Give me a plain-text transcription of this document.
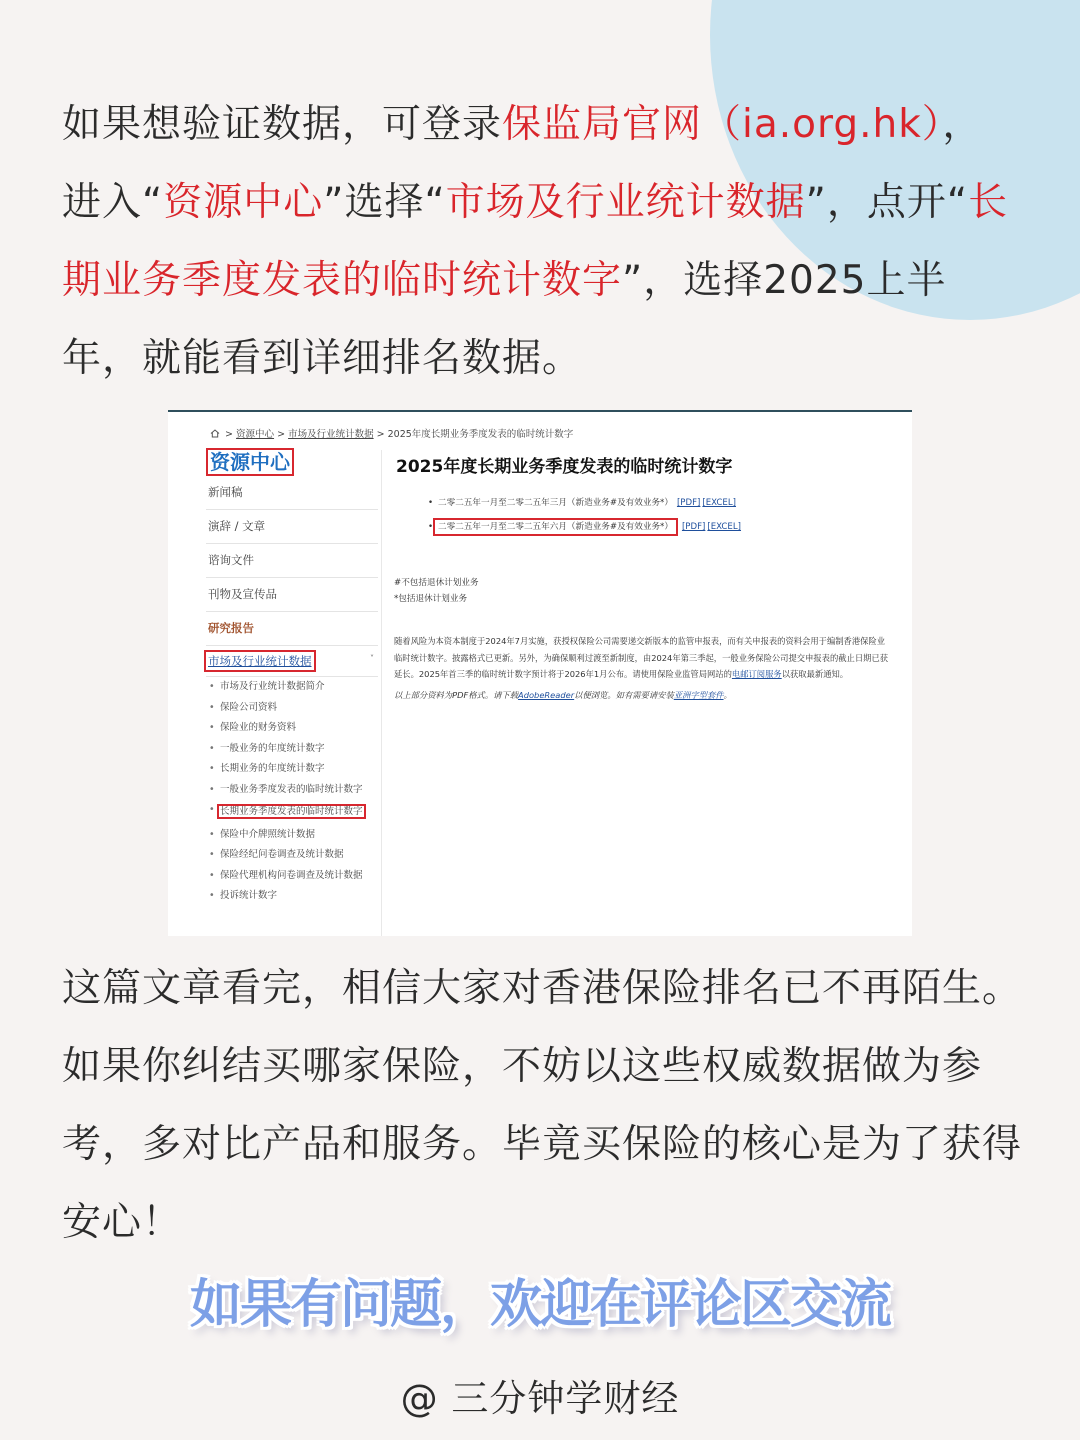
如果想验证数据，可登录保监局官网（ia.org.hk），进入“资源中心”选择“市场及行业统计数据”，点开“长期业务季度发表的临时统计数字”，选择2025上半年，就能看到详细排名数据。

> 资源中心 > 市场及行业统计数据 > 2025年度长期业务季度发表的临时统计数字
资源中心
新闻稿
演辞 / 文章
谘询文件
刊物及宣传品
研究报告
市场及行业统计数据	˅
• 市场及行业统计数据简介
• 保险公司资料
• 保险业的财务资料
• 一般业务的年度统计数字
• 长期业务的年度统计数字
• 一般业务季度发表的临时统计数字
• 长期业务季度发表的临时统计数字
• 保险中介牌照统计数据
• 保险经纪问卷调查及统计数据
• 保险代理机构问卷调查及统计数据
• 投诉统计数字
2025年度长期业务季度发表的临时统计数字
• 二零二五年一月至二零二五年三月（新造业务#及有效业务*） [PDF] [EXCEL]
• 二零二五年一月至二零二五年六月（新造业务#及有效业务*） [PDF] [EXCEL]

#不包括退休计划业务

*包括退休计划业务

随着风险为本资本制度于2024年7月实施，获授权保险公司需要递交新版本的监管申报表，而有关申报表的资料会用于编制香港保险业临时统计数字。披露格式已更新。另外，为确保顺利过渡至新制度，由2024年第三季起，一般业务保险公司提交申报表的截止日期已获延长。2025年首三季的临时统计数字预计将于2026年1月公布。请使用保险业监管局网站的电邮订阅服务以获取最新通知。

以上部分资料为PDF格式。请下载AdobeReader以便浏览。如有需要请安装亚洲字型套件。

这篇文章看完，相信大家对香港保险排名已不再陌生。如果你纠结买哪家保险，不妨以这些权威数据做为参考，多对比产品和服务。毕竟买保险的核心是为了获得安心！

如果有问题，欢迎在评论区交流
@ 三分钟学财经
